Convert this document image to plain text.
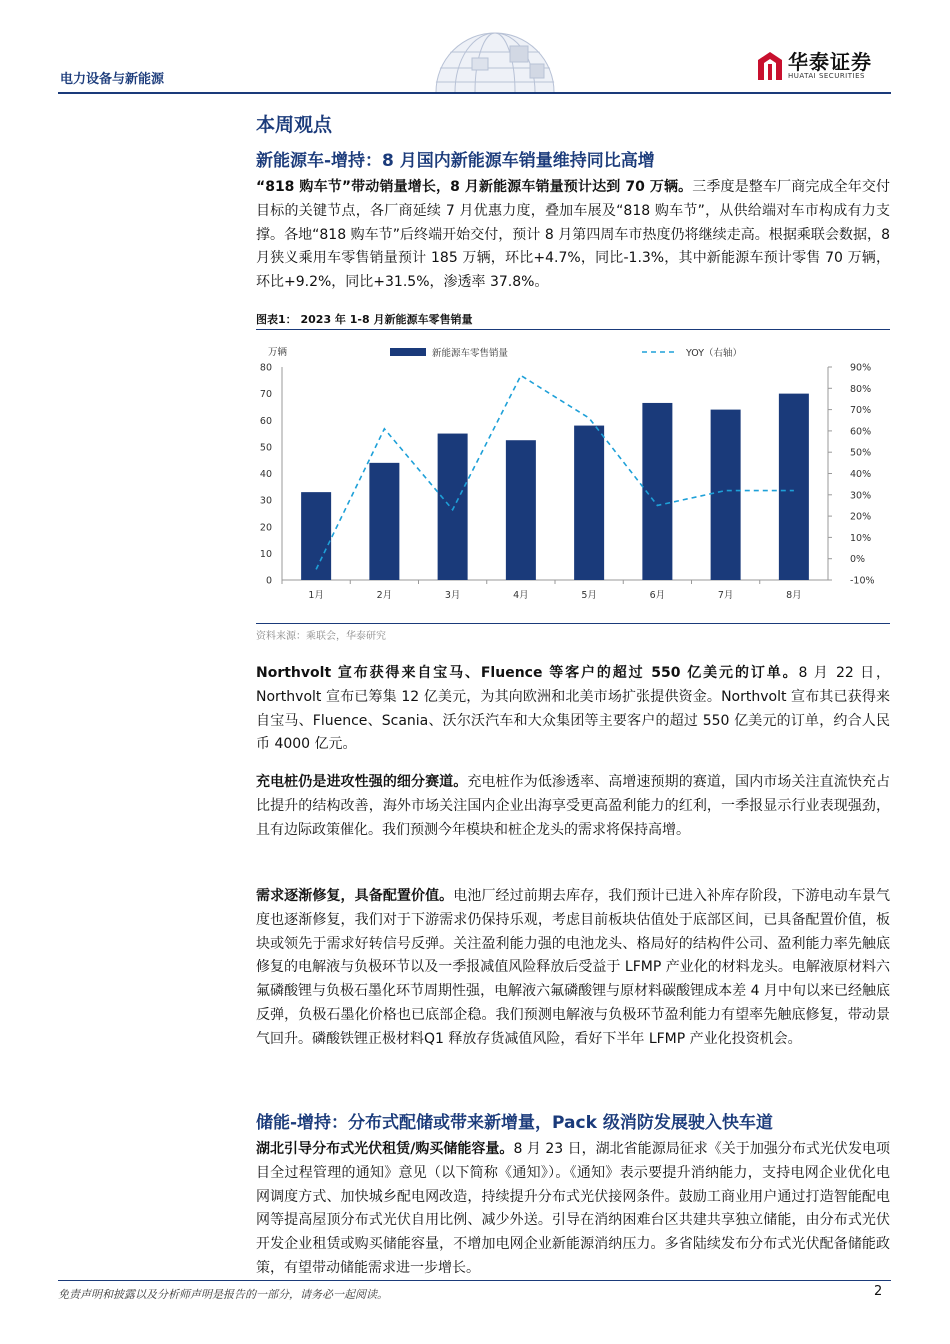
电力设备与新能源
华泰证券
HUATAI SECURITIES
本周观点
新能源车-增持：8 月国内新能源车销量维持同比高增
“818 购车节”带动销量增长，8 月新能源车销量预计达到 70 万辆。三季度是整车厂商完成全年交付目标的关键节点，各厂商延续 7 月优惠力度，叠加车展及“818 购车节”，从供给端对车市构成有力支撑。各地“818 购车节”后终端开始交付，预计 8 月第四周车市热度仍将继续走高。根据乘联会数据，8 月狭义乘用车零售销量预计 185 万辆，环比+4.7%，同比-1.3%，其中新能源车预计零售 70 万辆，环比+9.2%，同比+31.5%，渗透率 37.8%。
图表1： 2023 年 1-8 月新能源车零售销量
万辆	新能源车零售销量	YOY（右轴）
0
10
20
30
40
50
60
70
80
-10%
0%
10%
20%
30%
40%
50%
60%
70%
80%
90%
1月	2月	3月	4月	5月	6月	7月	8月
资料来源：乘联会，华泰研究
Northvolt 宣布获得来自宝马、Fluence 等客户的超过 550 亿美元的订单。8 月 22 日，Northvolt 宣布已筹集 12 亿美元，为其向欧洲和北美市场扩张提供资金。Northvolt 宣布其已获得来自宝马、Fluence、Scania、沃尔沃汽车和大众集团等主要客户的超过 550 亿美元的订单，约合人民币 4000 亿元。
充电桩仍是进攻性强的细分赛道。充电桩作为低渗透率、高增速预期的赛道，国内市场关注直流快充占比提升的结构改善，海外市场关注国内企业出海享受更高盈利能力的红利，一季报显示行业表现强劲，且有边际政策催化。我们预测今年模块和桩企龙头的需求将保持高增。
需求逐渐修复，具备配置价值。电池厂经过前期去库存，我们预计已进入补库存阶段，下游电动车景气度也逐渐修复，我们对于下游需求仍保持乐观，考虑目前板块估值处于底部区间，已具备配置价值，板块或领先于需求好转信号反弹。关注盈利能力强的电池龙头、格局好的结构件公司、盈利能力率先触底修复的电解液与负极环节以及一季报减值风险释放后受益于 LFMP 产业化的材料龙头。电解液原材料六氟磷酸锂与负极石墨化环节周期性强，电解液六氟磷酸锂与原材料碳酸锂成本差 4 月中旬以来已经触底反弹，负极石墨化价格也已底部企稳。我们预测电解液与负极环节盈利能力有望率先触底修复，带动景气回升。磷酸铁锂正极材料Q1 释放存货减值风险，看好下半年 LFMP 产业化投资机会。
储能-增持：分布式配储或带来新增量，Pack 级消防发展驶入快车道
湖北引导分布式光伏租赁/购买储能容量。8 月 23 日，湖北省能源局征求《关于加强分布式光伏发电项目全过程管理的通知》意见（以下简称《通知》）。《通知》表示要提升消纳能力，支持电网企业优化电网调度方式、加快城乡配电网改造，持续提升分布式光伏接网条件。鼓励工商业用户通过打造智能配电网等提高屋顶分布式光伏自用比例、减少外送。引导在消纳困难台区共建共享独立储能，由分布式光伏开发企业租赁或购买储能容量，不增加电网企业新能源消纳压力。多省陆续发布分布式光伏配备储能政策，有望带动储能需求进一步增长。
免责声明和披露以及分析师声明是报告的一部分，请务必一起阅读。	2
